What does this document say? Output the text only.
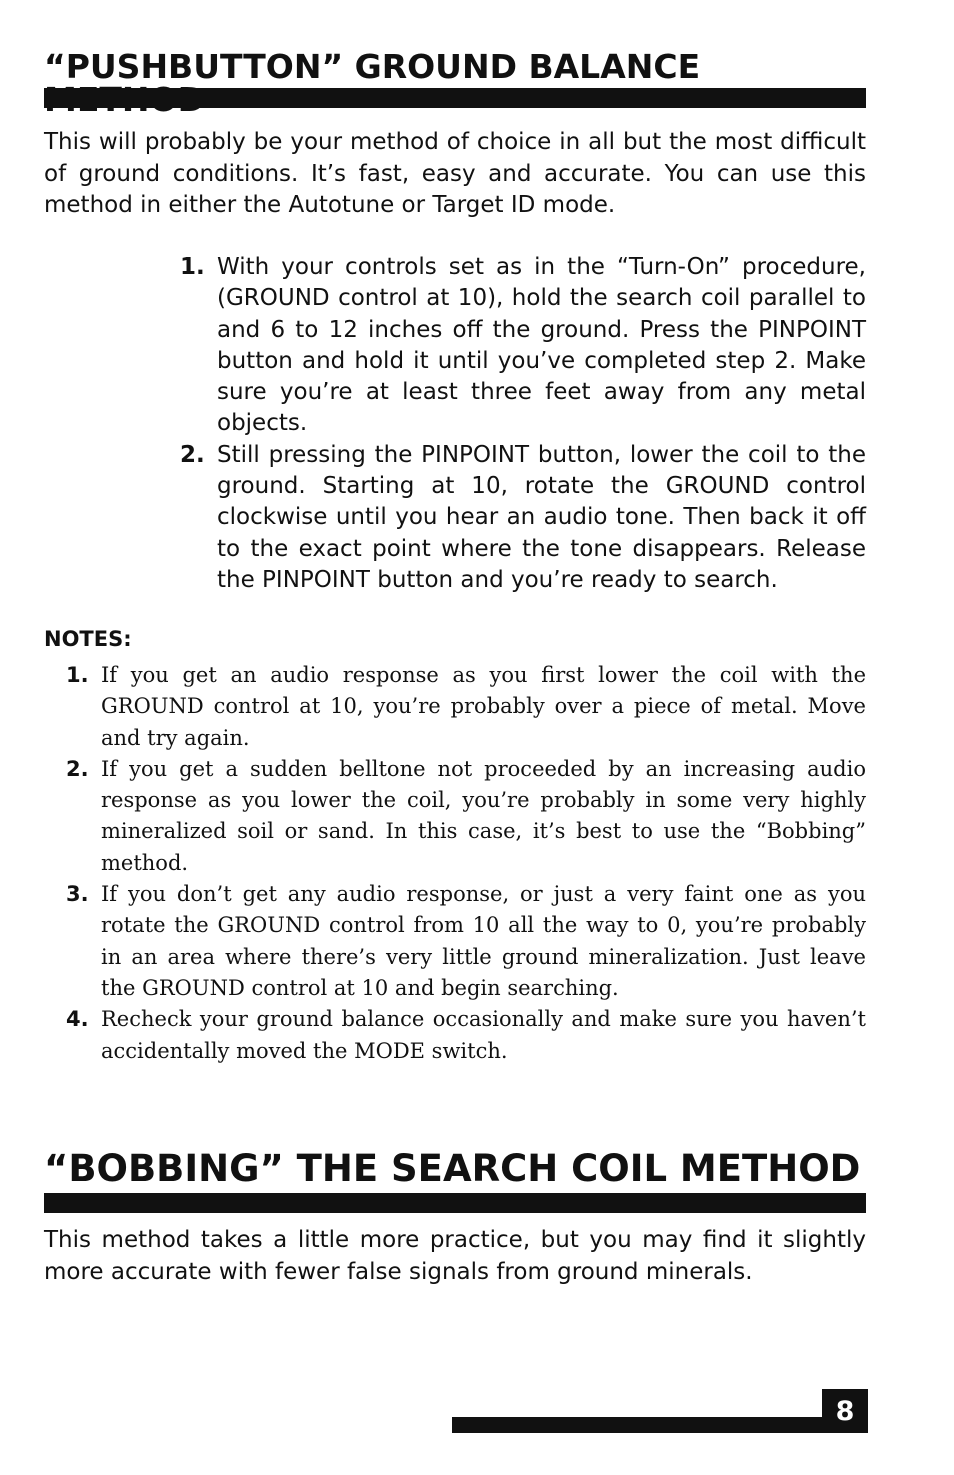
“PUSHBUTTON” GROUND BALANCE

This will probably be your method of choice in all but the most difficult of ground conditions. It’s fast, easy and accurate. You can use this method in either the Autotune or Target ID mode.

1. With your controls set as in the “Turn-On” procedure, (GROUND control at 10), hold the search coil parallel to and 6 to 12 inches off the ground. Press the PINPOINT button and hold it until you’ve completed step 2. Make sure you’re at least three feet away from any metal objects.
2. Still pressing the PINPOINT button, lower the coil to the ground. Starting at 10, rotate the GROUND control clockwise until you hear an audio tone. Then back it off to the exact point where the tone disappears. Release the PINPOINT button and you’re ready to search.

NOTES:

1. If you get an audio response as you first lower the coil with the GROUND control at 10, you’re probably over a piece of metal. Move and try again.
2. If you get a sudden belltone not proceeded by an increasing audio response as you lower the coil, you’re probably in some very highly mineralized soil or sand. In this case, it’s best to use the “Bobbing” method.
3. If you don’t get any audio response, or just a very faint one as you rotate the GROUND control from 10 all the way to 0, you’re probably in an area where there’s very little ground mineralization. Just leave the GROUND control at 10 and begin searching.
4. Recheck your ground balance occasionally and make sure you haven’t accidentally moved the MODE switch.
“BOBBING” THE SEARCH COIL METHOD

This method takes a little more practice, but you may find it slightly more accurate with fewer false signals from ground minerals.

8
